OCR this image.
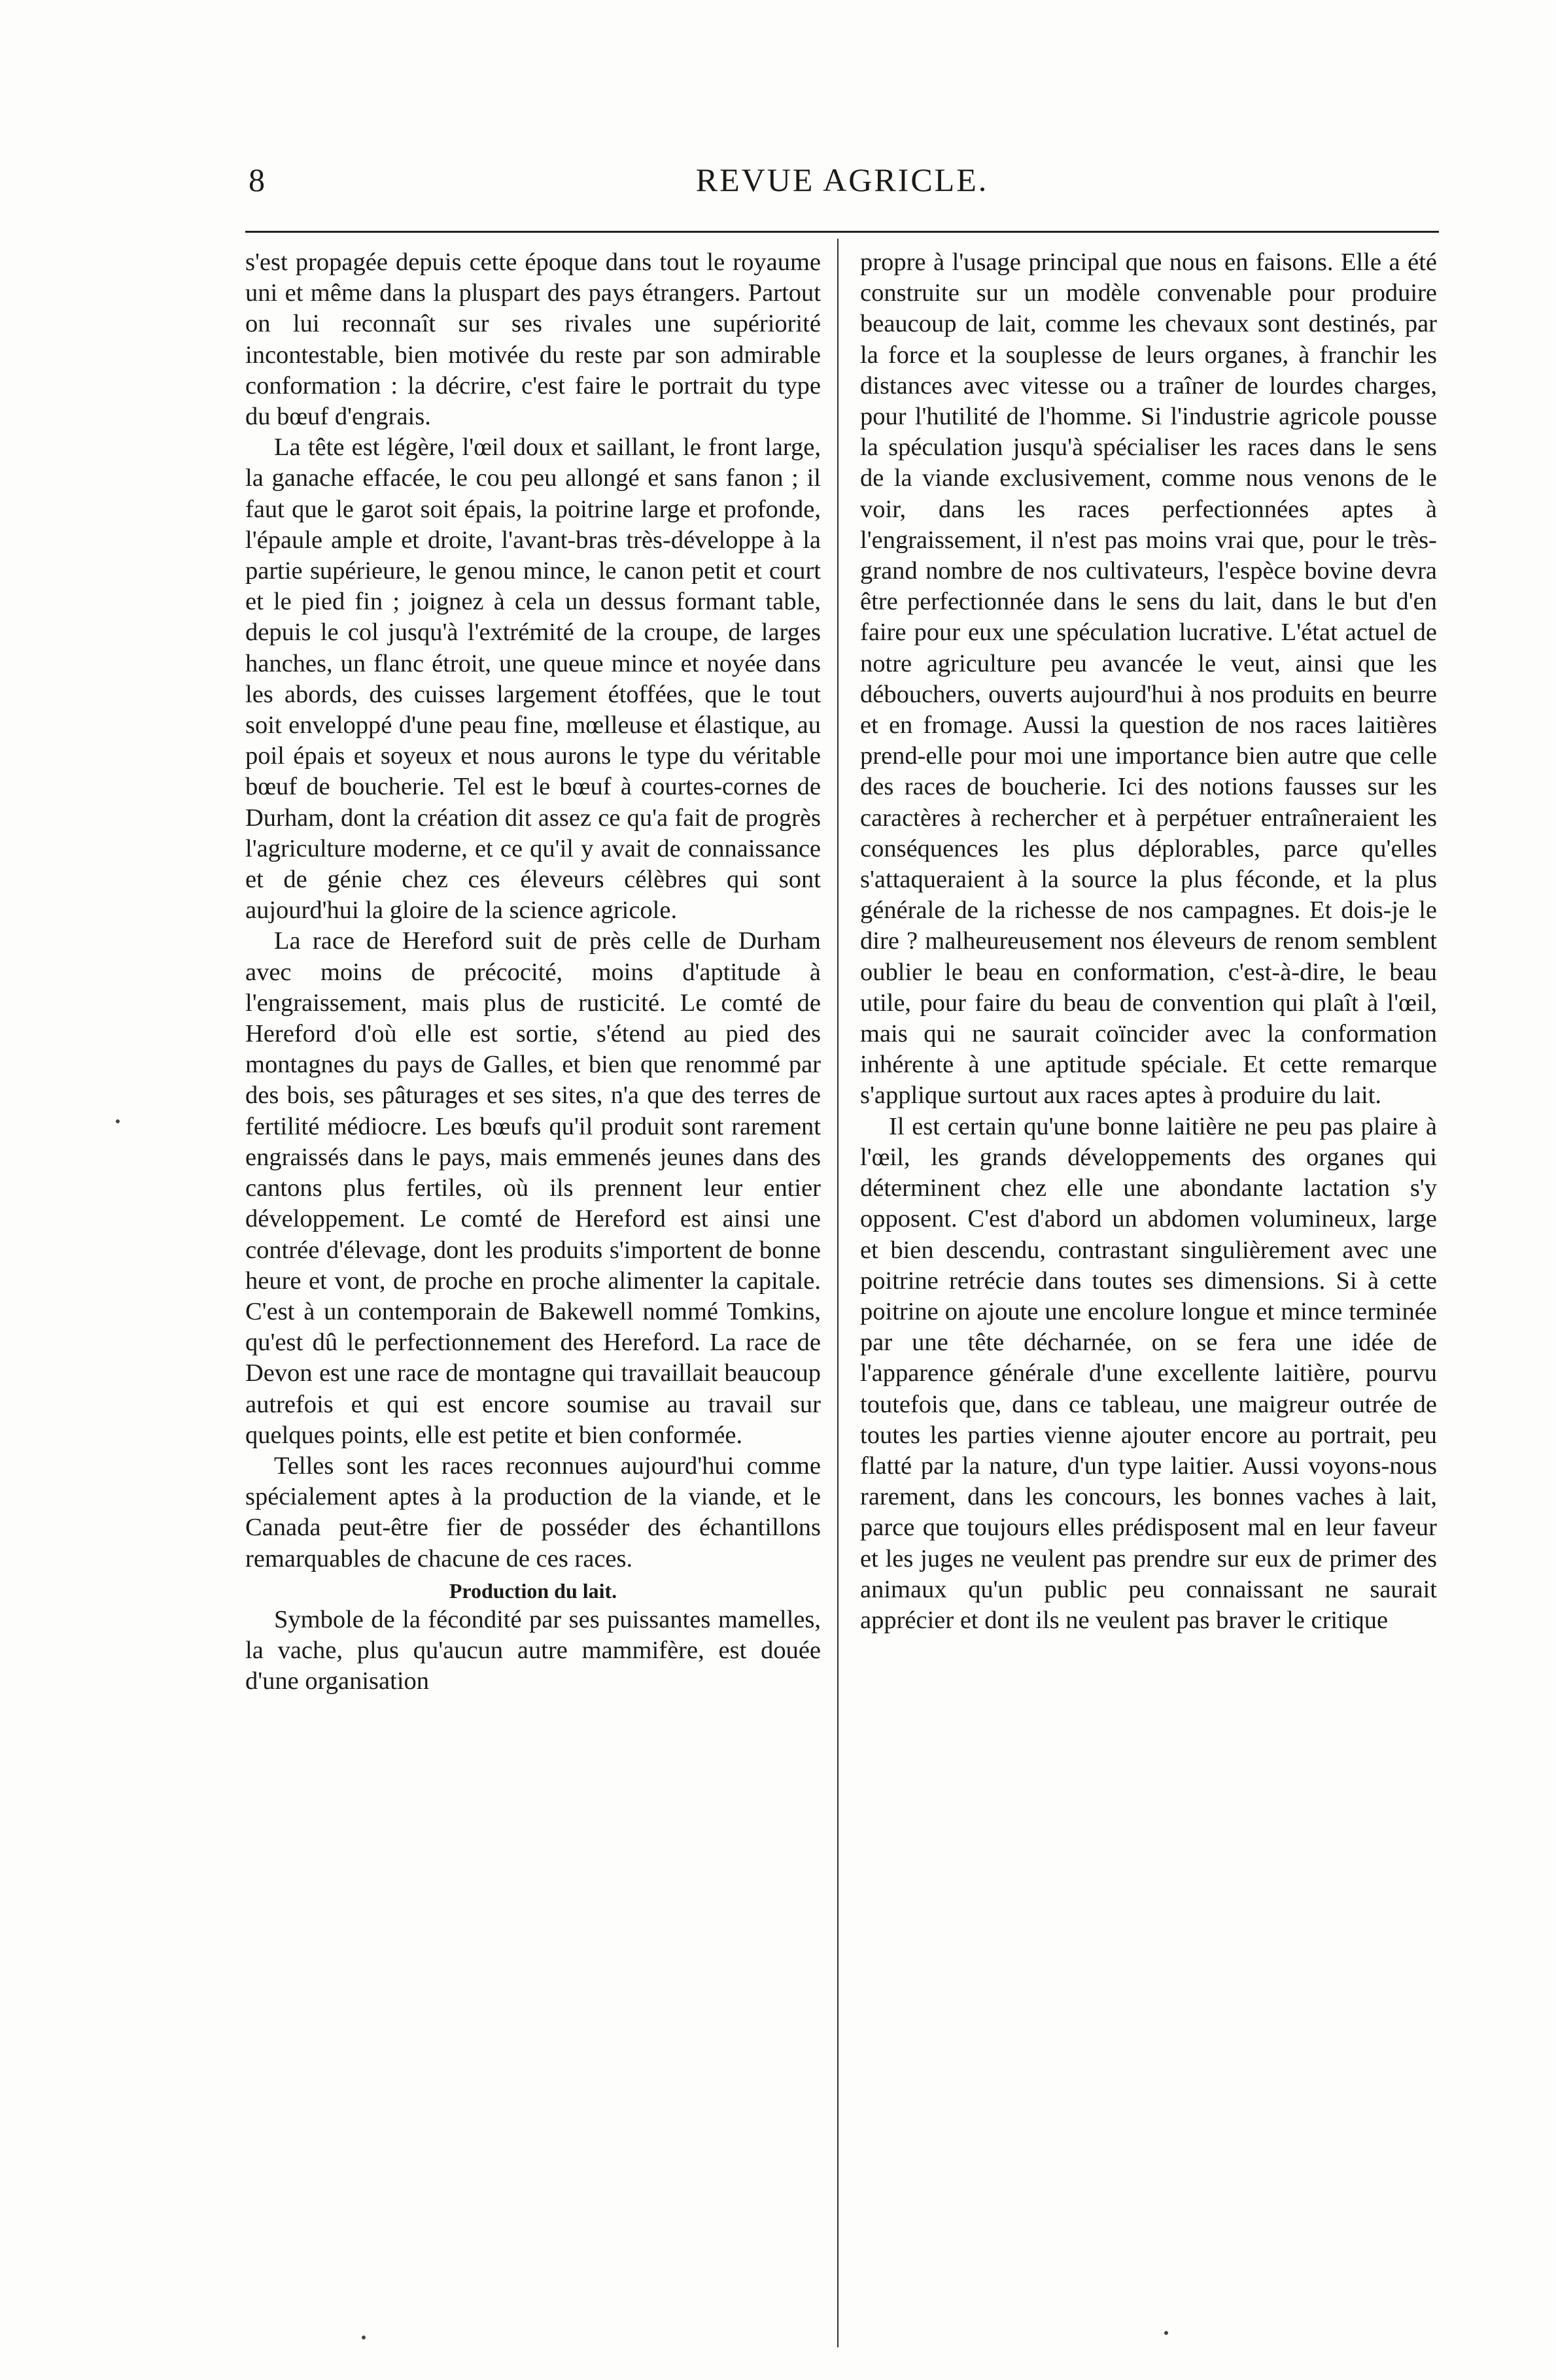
8	REVUE AGRICLE.

s'est propagée depuis cette époque dans tout le royaume uni et même dans la pluspart des pays étrangers. Partout on lui reconnaît sur ses rivales une supériorité incontestable, bien motivée du reste par son admirable conformation : la décrire, c'est faire le portrait du type du bœuf d'engrais.

La tête est légère, l'œil doux et saillant, le front large, la ganache effacée, le cou peu allongé et sans fanon ; il faut que le garot soit épais, la poitrine large et profonde, l'épaule ample et droite, l'avant-bras très-développe à la partie supérieure, le genou mince, le canon petit et court et le pied fin ; joignez à cela un dessus formant table, depuis le col jusqu'à l'extrémité de la croupe, de larges hanches, un flanc étroit, une queue mince et noyée dans les abords, des cuisses largement étoffées, que le tout soit enveloppé d'une peau fine, mœlleuse et élastique, au poil épais et soyeux et nous aurons le type du véritable bœuf de boucherie. Tel est le bœuf à courtes-cornes de Durham, dont la création dit assez ce qu'a fait de progrès l'agriculture moderne, et ce qu'il y avait de connaissance et de génie chez ces éleveurs célèbres qui sont aujourd'hui la gloire de la science agricole.

La race de Hereford suit de près celle de Durham avec moins de précocité, moins d'aptitude à l'engraissement, mais plus de rusticité. Le comté de Hereford d'où elle est sortie, s'étend au pied des montagnes du pays de Galles, et bien que renommé par des bois, ses pâturages et ses sites, n'a que des terres de fertilité médiocre. Les bœufs qu'il produit sont rarement engraissés dans le pays, mais emmenés jeunes dans des cantons plus fertiles, où ils prennent leur entier développement. Le comté de Hereford est ainsi une contrée d'élevage, dont les produits s'importent de bonne heure et vont, de proche en proche alimenter la capitale. C'est à un contemporain de Bakewell nommé Tomkins, qu'est dû le perfectionnement des Hereford. La race de Devon est une race de montagne qui travaillait beaucoup autrefois et qui est encore soumise au travail sur quelques points, elle est petite et bien conformée.

Telles sont les races reconnues aujourd'hui comme spécialement aptes à la production de la viande, et le Canada peut-être fier de posséder des échantillons remarquables de chacune de ces races.

Production du lait.

Symbole de la fécondité par ses puissantes mamelles, la vache, plus qu'aucun autre mammifère, est douée d'une organisation

propre à l'usage principal que nous en faisons. Elle a été construite sur un modèle convenable pour produire beaucoup de lait, comme les chevaux sont destinés, par la force et la souplesse de leurs organes, à franchir les distances avec vitesse ou a traîner de lourdes charges, pour l'hutilité de l'homme. Si l'industrie agricole pousse la spéculation jusqu'à spécialiser les races dans le sens de la viande exclusivement, comme nous venons de le voir, dans les races perfectionnées aptes à l'engraissement, il n'est pas moins vrai que, pour le très-grand nombre de nos cultivateurs, l'espèce bovine devra être perfectionnée dans le sens du lait, dans le but d'en faire pour eux une spéculation lucrative. L'état actuel de notre agriculture peu avancée le veut, ainsi que les débouchers, ouverts aujourd'hui à nos produits en beurre et en fromage. Aussi la question de nos races laitières prend-elle pour moi une importance bien autre que celle des races de boucherie. Ici des notions fausses sur les caractères à rechercher et à perpétuer entraîneraient les conséquences les plus déplorables, parce qu'elles s'attaqueraient à la source la plus féconde, et la plus générale de la richesse de nos campagnes. Et dois-je le dire ? malheureusement nos éleveurs de renom semblent oublier le beau en conformation, c'est-à-dire, le beau utile, pour faire du beau de convention qui plaît à l'œil, mais qui ne saurait coïncider avec la conformation inhérente à une aptitude spéciale. Et cette remarque s'applique surtout aux races aptes à produire du lait.

Il est certain qu'une bonne laitière ne peu pas plaire à l'œil, les grands développements des organes qui déterminent chez elle une abondante lactation s'y opposent. C'est d'abord un abdomen volumineux, large et bien descendu, contrastant singulièrement avec une poitrine retrécie dans toutes ses dimensions. Si à cette poitrine on ajoute une encolure longue et mince terminée par une tête décharnée, on se fera une idée de l'apparence générale d'une excellente laitière, pourvu toutefois que, dans ce tableau, une maigreur outrée de toutes les parties vienne ajouter encore au portrait, peu flatté par la nature, d'un type laitier. Aussi voyons-nous rarement, dans les concours, les bonnes vaches à lait, parce que toujours elles prédisposent mal en leur faveur et les juges ne veulent pas prendre sur eux de primer des animaux qu'un public peu connaissant ne saurait apprécier et dont ils ne veulent pas braver le critique
